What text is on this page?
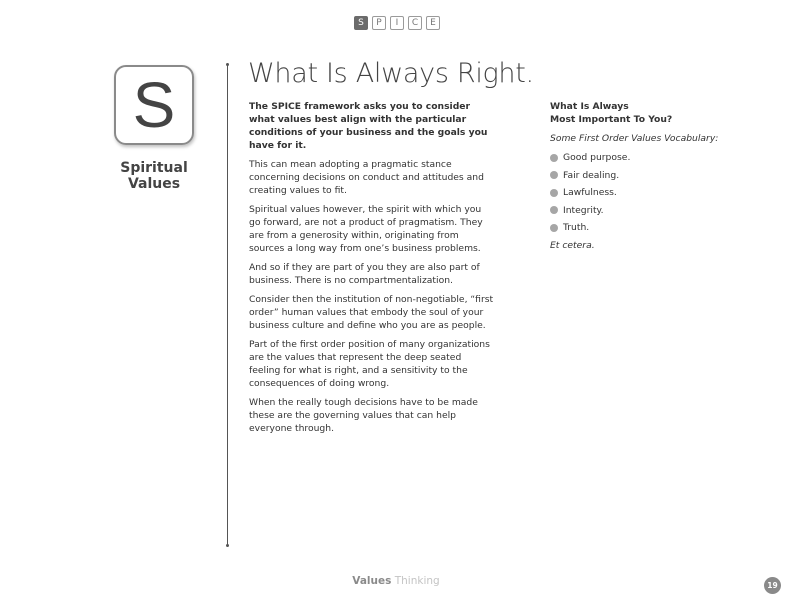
S	P	I	C	E
S
Spiritual Values
What Is Always Right.

The SPICE framework asks you to consider what values best align with the particular conditions of your business and the goals you have for it.

This can mean adopting a pragmatic stance concerning decisions on conduct and attitudes and creating values to fit.

Spiritual values however, the spirit with which you go forward, are not a product of pragmatism. They are from a generosity within, originating from sources a long way from one’s business problems.

And so if they are part of you they are also part of business. There is no compartmentalization.

Consider then the institution of non-negotiable, “first order” human values that embody the soul of your business culture and define who you are as people.

Part of the first order position of many organizations are the values that represent the deep seated feeling for what is right, and a sensitivity to the consequences of doing wrong.

When the really tough decisions have to be made these are the governing values that can help everyone through.

What Is Always
Most Important To You?
Some First Order Values Vocabulary:
Good purpose.
Fair dealing.
Lawfulness.
Integrity.
Truth.
Et cetera.
Values Thinking	19
